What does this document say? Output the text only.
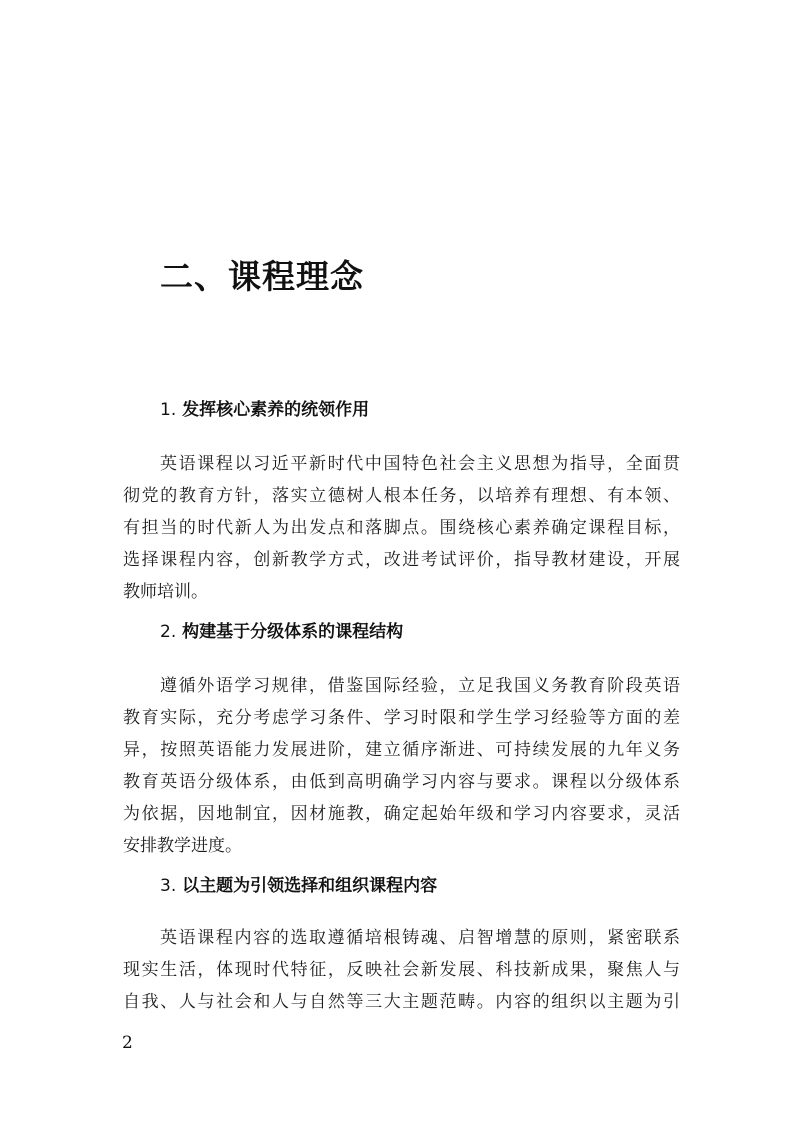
二、课程理念
1. 发挥核心素养的统领作用

英语课程以习近平新时代中国特色社会主义思想为指导，全面贯
彻党的教育方针，落实立德树人根本任务，以培养有理想、有本领、
有担当的时代新人为出发点和落脚点。围绕核心素养确定课程目标，
选择课程内容，创新教学方式，改进考试评价，指导教材建设，开展
教师培训。

2. 构建基于分级体系的课程结构

遵循外语学习规律，借鉴国际经验，立足我国义务教育阶段英语
教育实际，充分考虑学习条件、学习时限和学生学习经验等方面的差
异，按照英语能力发展进阶，建立循序渐进、可持续发展的九年义务
教育英语分级体系，由低到高明确学习内容与要求。课程以分级体系
为依据，因地制宜，因材施教，确定起始年级和学习内容要求，灵活
安排教学进度。

3. 以主题为引领选择和组织课程内容

英语课程内容的选取遵循培根铸魂、启智增慧的原则，紧密联系
现实生活，体现时代特征，反映社会新发展、科技新成果，聚焦人与
自我、人与社会和人与自然等三大主题范畴。内容的组织以主题为引

2
